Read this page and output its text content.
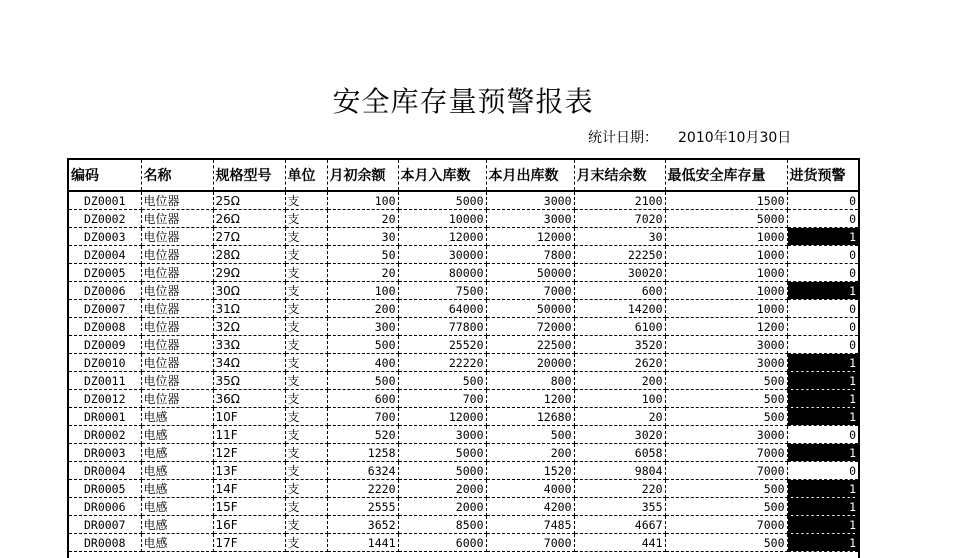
安全库存量预警报表
统计日期： 2010年10月30日
编码	名称	规格型号	单位	月初余额	本月入库数	本月出库数	月末结余数	最低安全库存量	进货预警
DZ0001	电位器	25Ω	支	100	5000	3000	2100	1500	0
DZ0002	电位器	26Ω	支	20	10000	3000	7020	5000	0
DZ0003	电位器	27Ω	支	30	12000	12000	30	1000	1
DZ0004	电位器	28Ω	支	50	30000	7800	22250	1000	0
DZ0005	电位器	29Ω	支	20	80000	50000	30020	1000	0
DZ0006	电位器	30Ω	支	100	7500	7000	600	1000	1
DZ0007	电位器	31Ω	支	200	64000	50000	14200	1000	0
DZ0008	电位器	32Ω	支	300	77800	72000	6100	1200	0
DZ0009	电位器	33Ω	支	500	25520	22500	3520	3000	0
DZ0010	电位器	34Ω	支	400	22220	20000	2620	3000	1
DZ0011	电位器	35Ω	支	500	500	800	200	500	1
DZ0012	电位器	36Ω	支	600	700	1200	100	500	1
DR0001	电感	10F	支	700	12000	12680	20	500	1
DR0002	电感	11F	支	520	3000	500	3020	3000	0
DR0003	电感	12F	支	1258	5000	200	6058	7000	1
DR0004	电感	13F	支	6324	5000	1520	9804	7000	0
DR0005	电感	14F	支	2220	2000	4000	220	500	1
DR0006	电感	15F	支	2555	2000	4200	355	500	1
DR0007	电感	16F	支	3652	8500	7485	4667	7000	1
DR0008	电感	17F	支	1441	6000	7000	441	500	1
